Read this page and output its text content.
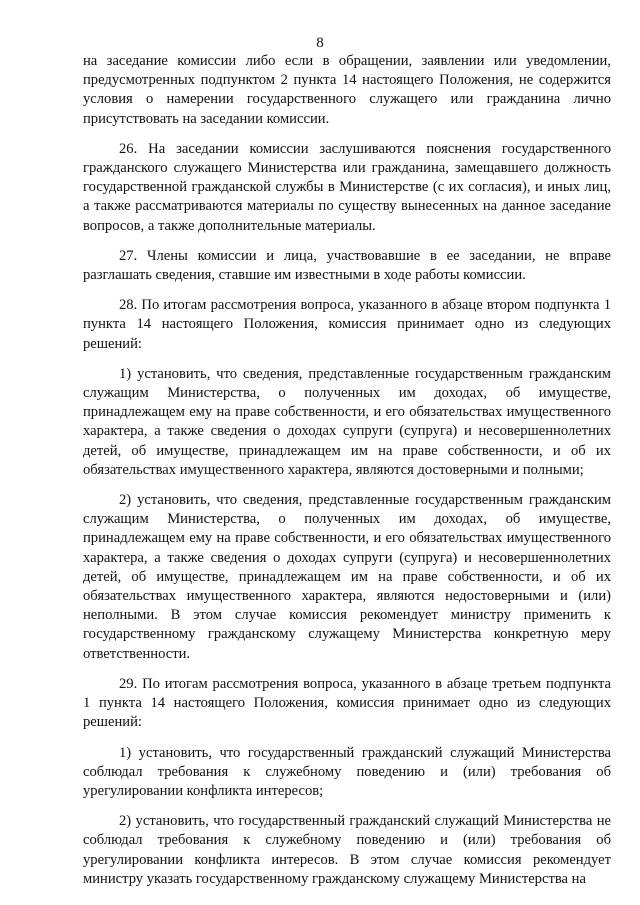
8

на заседание комиссии либо если в обращении, заявлении или уведомлении, предусмотренных подпунктом 2 пункта 14 настоящего Положения, не содержится условия о намерении государственного служащего или гражданина лично присутствовать на заседании комиссии.

26. На заседании комиссии заслушиваются пояснения государственного гражданского служащего Министерства или гражданина, замещавшего должность государственной гражданской службы в Министерстве (с их согласия), и иных лиц, а также рассматриваются материалы по существу вынесенных на данное заседание вопросов, а также дополнительные материалы.

27. Члены комиссии и лица, участвовавшие в ее заседании, не вправе разглашать сведения, ставшие им известными в ходе работы комиссии.

28. По итогам рассмотрения вопроса, указанного в абзаце втором подпункта 1 пункта 14 настоящего Положения, комиссия принимает одно из следующих решений:

1) установить, что сведения, представленные государственным гражданским служащим Министерства, о полученных им доходах, об имуществе, принадлежащем ему на праве собственности, и его обязательствах имущественного характера, а также сведения о доходах супруги (супруга) и несовершеннолетних детей, об имуществе, принадлежащем им на праве собственности, и об их обязательствах имущественного характера, являются достоверными и полными;

2) установить, что сведения, представленные государственным гражданским служащим Министерства, о полученных им доходах, об имуществе, принадлежащем ему на праве собственности, и его обязательствах имущественного характера, а также сведения о доходах супруги (супруга) и несовершеннолетних детей, об имуществе, принадлежащем им на праве собственности, и об их обязательствах имущественного характера, являются недостоверными и (или) неполными. В этом случае комиссия рекомендует министру применить к государственному гражданскому служащему Министерства конкретную меру ответственности.

29. По итогам рассмотрения вопроса, указанного в абзаце третьем подпункта 1 пункта 14 настоящего Положения, комиссия принимает одно из следующих решений:

1) установить, что государственный гражданский служащий Министерства соблюдал требования к служебному поведению и (или) требования об урегулировании конфликта интересов;

2) установить, что государственный гражданский служащий Министерства не соблюдал требования к служебному поведению и (или) требования об урегулировании конфликта интересов. В этом случае комиссия рекомендует министру указать государственному гражданскому служащему Министерства на
